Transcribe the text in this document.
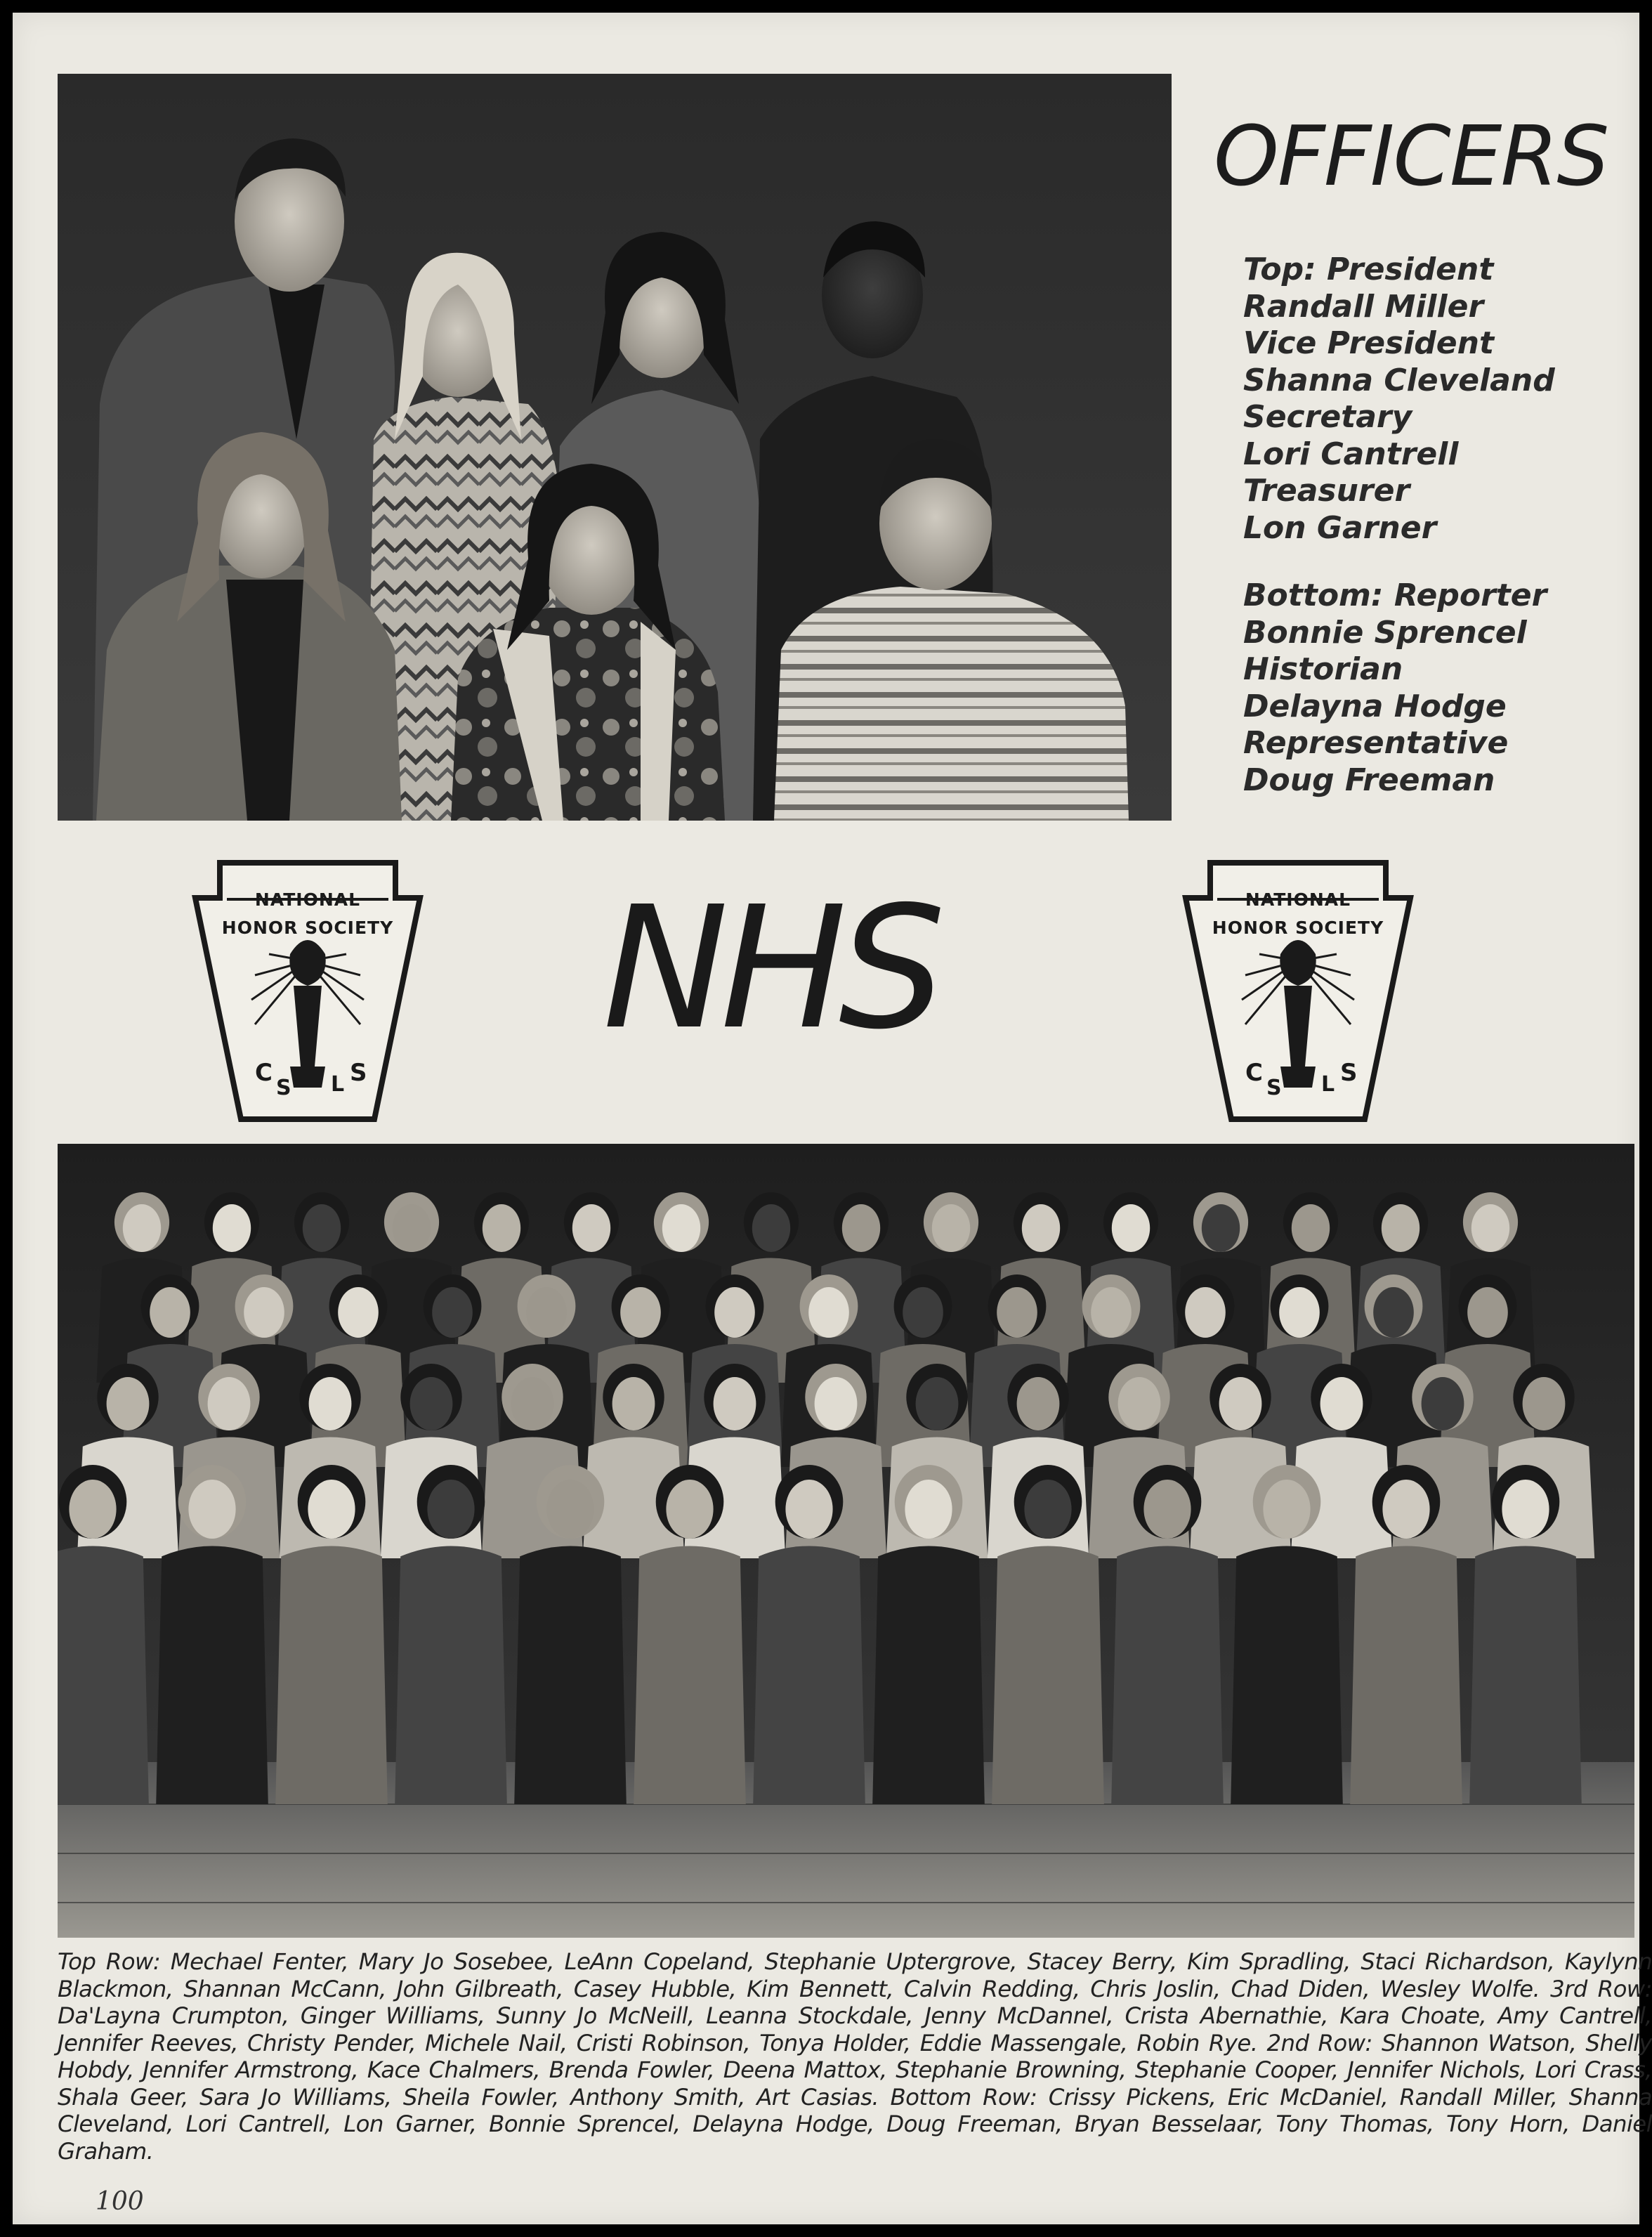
OFFICERS
Top: President
Randall Miller
Vice President
Shanna Cleveland
Secretary
Lori Cantrell
Treasurer
Lon Garner
Bottom: Reporter
Bonnie Sprencel
Historian
Delayna Hodge
Representative
Doug Freeman
C
S L S
NATIONAL
HONOR SOCIETY NHS
C
S L S
NATIONAL
HONOR SOCIETY
Top Row: Mechael Fenter, Mary Jo Sosebee, LeAnn Copeland, Stephanie Uptergrove, Stacey Berry, Kim Spradling, Staci Richardson, Kaylynn Blackmon, Shannan McCann, John Gilbreath, Casey Hubble, Kim Bennett, Calvin Redding, Chris Joslin, Chad Diden, Wesley Wolfe. 3rd Row: Da'Layna Crumpton, Ginger Williams, Sunny Jo McNeill, Leanna Stockdale, Jenny McDannel, Crista Abernathie, Kara Choate, Amy Cantrell, Jennifer Reeves, Christy Pender, Michele Nail, Cristi Robinson, Tonya Holder, Eddie Massengale, Robin Rye. 2nd Row: Shannon Watson, Shelly Hobdy, Jennifer Armstrong, Kace Chalmers, Brenda Fowler, Deena Mattox, Stephanie Browning, Stephanie Cooper, Jennifer Nichols, Lori Crass, Shala Geer, Sara Jo Williams, Sheila Fowler, Anthony Smith, Art Casias. Bottom Row: Crissy Pickens, Eric McDaniel, Randall Miller, Shanna Cleveland, Lori Cantrell, Lon Garner, Bonnie Sprencel, Delayna Hodge, Doug Freeman, Bryan Besselaar, Tony Thomas, Tony Horn, Daniel Graham.
100
